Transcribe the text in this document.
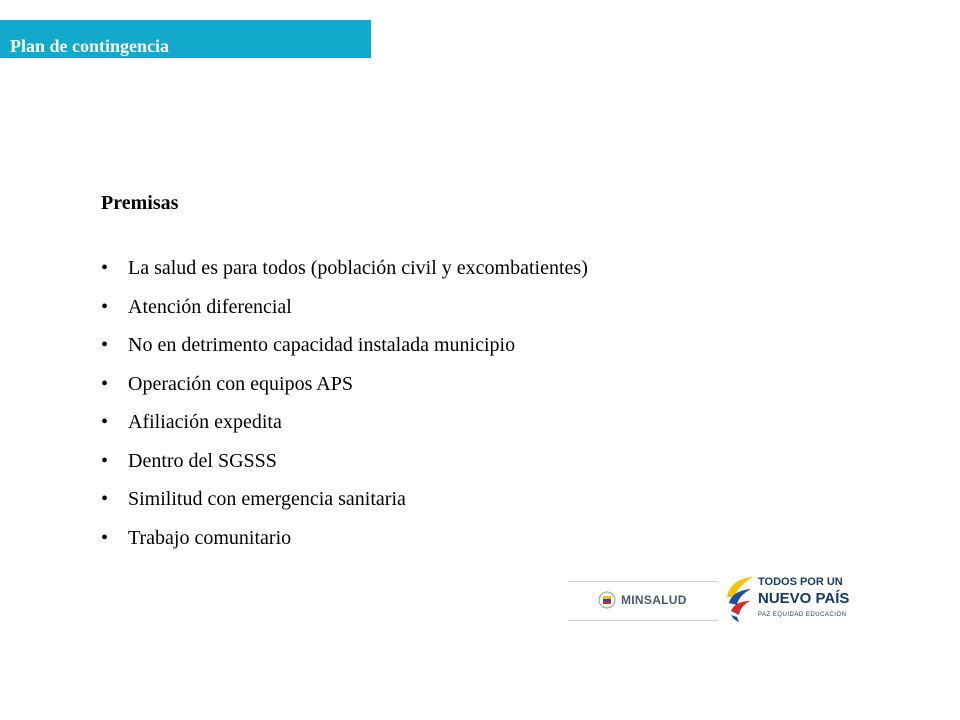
Plan de contingencia
Premisas
• La salud es para todos (población civil y excombatientes)
• Atención diferencial
• No en detrimento capacidad instalada municipio
• Operación con equipos APS
• Afiliación expedita
• Dentro del SGSSS
• Similitud con emergencia sanitaria
• Trabajo comunitario
MINSALUD
TODOS POR UN
NUEVO PAÍS
PAZ EQUIDAD EDUCACIÓN
